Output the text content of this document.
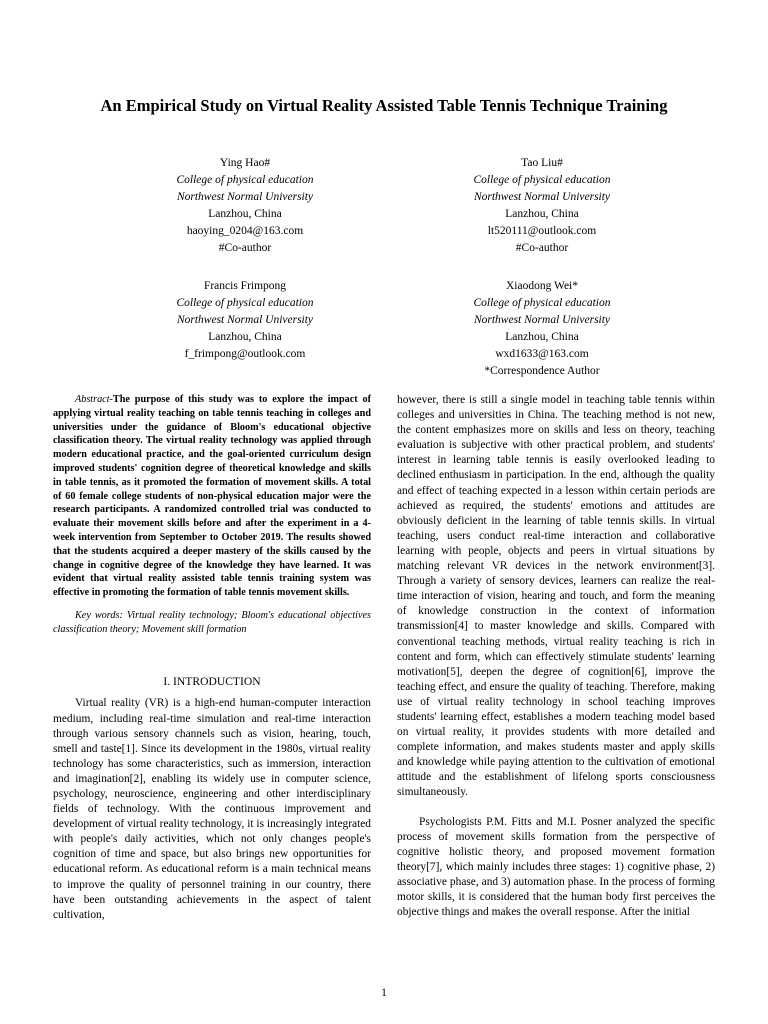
An Empirical Study on Virtual Reality Assisted Table Tennis Technique Training
Ying Hao#
College of physical education
Northwest Normal University
Lanzhou, China
haoying_0204@163.com
#Co-author
Tao Liu#
College of physical education
Northwest Normal University
Lanzhou, China
lt520111@outlook.com
#Co-author
Francis Frimpong
College of physical education
Northwest Normal University
Lanzhou, China
f_frimpong@outlook.com
Xiaodong Wei*
College of physical education
Northwest Normal University
Lanzhou, China
wxd1633@163.com
*Correspondence Author

Abstract-The purpose of this study was to explore the impact of applying virtual reality teaching on table tennis teaching in colleges and universities under the guidance of Bloom's educational objective classification theory. The virtual reality technology was applied through modern educational practice, and the goal-oriented curriculum design improved students' cognition degree of theoretical knowledge and skills in table tennis, as it promoted the formation of movement skills. A total of 60 female college students of non-physical education major were the research participants. A randomized controlled trial was conducted to evaluate their movement skills before and after the experiment in a 4-week intervention from September to October 2019. The results showed that the students acquired a deeper mastery of the skills caused by the change in cognitive degree of the knowledge they have learned. It was evident that virtual reality assisted table tennis training system was effective in promoting the formation of table tennis movement skills.

Key words: Virtual reality technology; Bloom's educational objectives classification theory; Movement skill formation

I. INTRODUCTION

Virtual reality (VR) is a high-end human-computer interaction medium, including real-time simulation and real-time interaction through various sensory channels such as vision, hearing, touch, smell and taste[1]. Since its development in the 1980s, virtual reality technology has some characteristics, such as immersion, interaction and imagination[2], enabling its widely use in computer science, psychology, neuroscience, engineering and other interdisciplinary fields of technology. With the continuous improvement and development of virtual reality technology, it is increasingly integrated with people's daily activities, which not only changes people's cognition of time and space, but also brings new opportunities for educational reform. As educational reform is a main technical means to improve the quality of personnel training in our country, there have been outstanding achievements in the aspect of talent cultivation,

however, there is still a single model in teaching table tennis within colleges and universities in China. The teaching method is not new, the content emphasizes more on skills and less on theory, teaching evaluation is subjective with other practical problem, and students' interest in learning table tennis is easily overlooked leading to declined enthusiasm in participation. In the end, although the quality and effect of teaching expected in a lesson within certain periods are achieved as required, the students' emotions and attitudes are obviously deficient in the learning of table tennis skills. In virtual teaching, users conduct real-time interaction and collaborative learning with people, objects and peers in virtual situations by matching relevant VR devices in the network environment[3]. Through a variety of sensory devices, learners can realize the real-time interaction of vision, hearing and touch, and form the meaning of knowledge construction in the context of information transmission[4] to master knowledge and skills. Compared with conventional teaching methods, virtual reality teaching is rich in content and form, which can effectively stimulate students' learning motivation[5], deepen the degree of cognition[6], improve the teaching effect, and ensure the quality of teaching. Therefore, making use of virtual reality technology in school teaching improves students' learning effect, establishes a modern teaching model based on virtual reality, it provides students with more detailed and complete information, and makes students master and apply skills and knowledge while paying attention to the cultivation of emotional attitude and the establishment of lifelong sports consciousness simultaneously.

Psychologists P.M. Fitts and M.I. Posner analyzed the specific process of movement skills formation from the perspective of cognitive holistic theory, and proposed movement formation theory[7], which mainly includes three stages: 1) cognitive phase, 2) associative phase, and 3) automation phase. In the process of forming motor skills, it is considered that the human body first perceives the objective things and makes the overall response. After the initial

1
